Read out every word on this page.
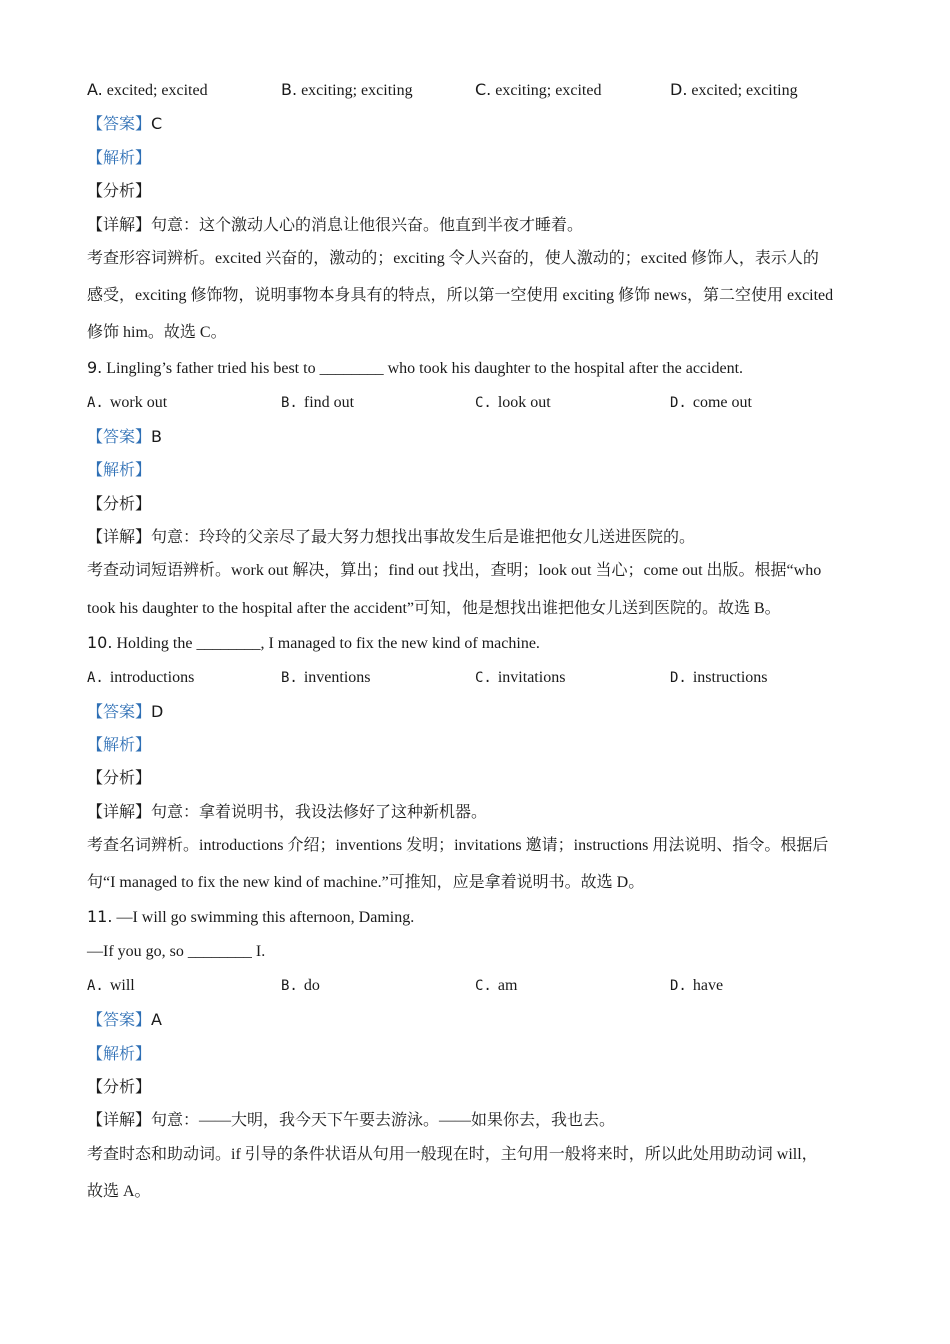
A. excited; excited	B. exciting; exciting	C. exciting; excited	D. excited; exciting
【答案】C
【解析】
【分析】
【详解】句意：这个激动人心的消息让他很兴奋。他直到半夜才睡着。
考查形容词辨析。excited 兴奋的，激动的；exciting 令人兴奋的，使人激动的；excited 修饰人，表示人的
感受，exciting 修饰物，说明事物本身具有的特点，所以第一空使用 exciting 修饰 news，第二空使用 excited
修饰 him。故选 C。
9. Lingling’s father tried his best to ________ who took his daughter to the hospital after the accident.
A. work out	B. find out	C. look out	D. come out
【答案】B
【解析】
【分析】
【详解】句意：玲玲的父亲尽了最大努力想找出事故发生后是谁把他女儿送进医院的。
考查动词短语辨析。work out 解决，算出；find out 找出，查明；look out 当心；come out 出版。根据“who
took his daughter to the hospital after the accident”可知，他是想找出谁把他女儿送到医院的。故选 B。
10. Holding the ________, I managed to fix the new kind of machine.
A. introductions	B. inventions	C. invitations	D. instructions
【答案】D
【解析】
【分析】
【详解】句意：拿着说明书，我设法修好了这种新机器。
考查名词辨析。introductions 介绍；inventions 发明；invitations 邀请；instructions 用法说明、指令。根据后
句“I managed to fix the new kind of machine.”可推知，应是拿着说明书。故选 D。
11. —I will go swimming this afternoon, Daming.
—If you go, so ________ I.
A. will	B. do	C. am	D. have
【答案】A
【解析】
【分析】
【详解】句意：——大明，我今天下午要去游泳。——如果你去，我也去。
考查时态和助动词。if 引导的条件状语从句用一般现在时，主句用一般将来时，所以此处用助动词 will，
故选 A。
